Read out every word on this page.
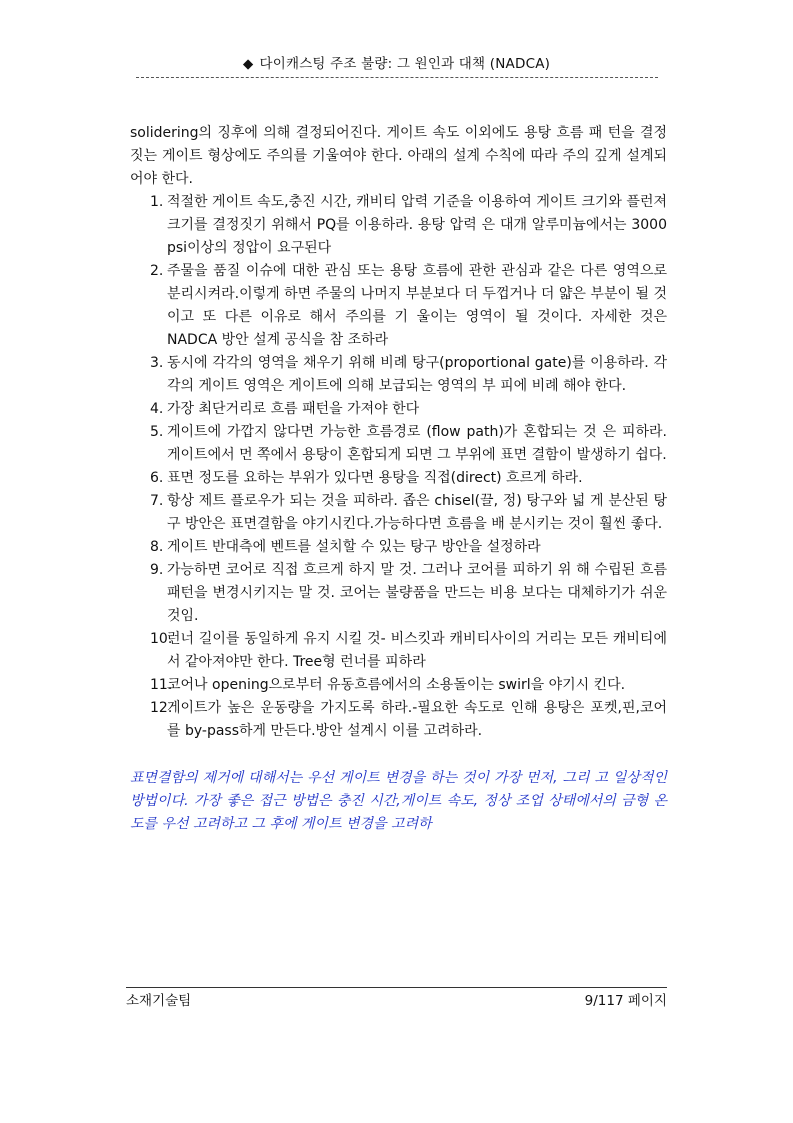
◆ 다이캐스팅 주조 불량: 그 원인과 대책 (NADCA)

solidering의 징후에 의해 결정되어진다. 게이트 속도 이외에도 용탕 흐름 패 턴을 결정짓는 게이트 형상에도 주의를 기울여야 한다. 아래의 설계 수칙에 따라 주의 깊게 설계되어야 한다.

1. 적절한 게이트 속도,충진 시간, 캐비티 압력 기준을 이용하여 게이트 크기와 플런져 크기를 결정짓기 위해서 PQ를 이용하라. 용탕 압력 은 대개 알루미늄에서는 3000 psi이상의 정압이 요구된다
2. 주물을 품질 이슈에 대한 관심 또는 용탕 흐름에 관한 관심과 같은 다른 영역으로 분리시켜라.이렇게 하면 주물의 나머지 부분보다 더 두껍거나 더 얇은 부분이 될 것이고 또 다른 이유로 해서 주의를 기 울이는 영역이 될 것이다. 자세한 것은 NADCA 방안 설계 공식을 참 조하라
3. 동시에 각각의 영역을 채우기 위해 비례 탕구(proportional gate)를 이용하라. 각각의 게이트 영역은 게이트에 의해 보급되는 영역의 부 피에 비례 해야 한다.
4. 가장 최단거리로 흐름 패턴을 가져야 한다
5. 게이트에 가깝지 않다면 가능한 흐름경로 (flow path)가 혼합되는 것 은 피하라. 게이트에서 먼 쪽에서 용탕이 혼합되게 되면 그 부위에 표면 결함이 발생하기 쉽다.
6. 표면 정도를 요하는 부위가 있다면 용탕을 직접(direct) 흐르게 하라.
7. 항상 제트 플로우가 되는 것을 피하라. 좁은 chisel(끌, 정) 탕구와 넓 게 분산된 탕구 방안은 표면결함을 야기시킨다.가능하다면 흐름을 배 분시키는 것이 훨씬 좋다.
8. 게이트 반대측에 벤트를 설치할 수 있는 탕구 방안을 설정하라
9. 가능하면 코어로 직접 흐르게 하지 말 것. 그러나 코어를 피하기 위 해 수립된 흐름 패턴을 변경시키지는 말 것. 코어는 불량품을 만드는 비용 보다는 대체하기가 쉬운 것임.
10.
런너 길이를 동일하게 유지 시킬 것- 비스킷과 캐비티사이의 거리는 모든 캐비티에서 같아져야만 한다. Tree형 런너를 피하라
11.
코어나 opening으로부터 유동흐름에서의 소용돌이는 swirl을 야기시 킨다.
12.
게이트가 높은 운동량을 가지도록 하라.-필요한 속도로 인해 용탕은 포켓,핀,코어를 by-pass하게 만든다.방안 설계시 이를 고려하라.

표면결함의 제거에 대해서는 우선 게이트 변경을 하는 것이 가장 먼저, 그리 고 일상적인 방법이다. 가장 좋은 접근 방법은 충진 시간,게이트 속도, 정상 조업 상태에서의 금형 온도를 우선 고려하고 그 후에 게이트 변경을 고려하

소재기술팀	9/117 페이지
